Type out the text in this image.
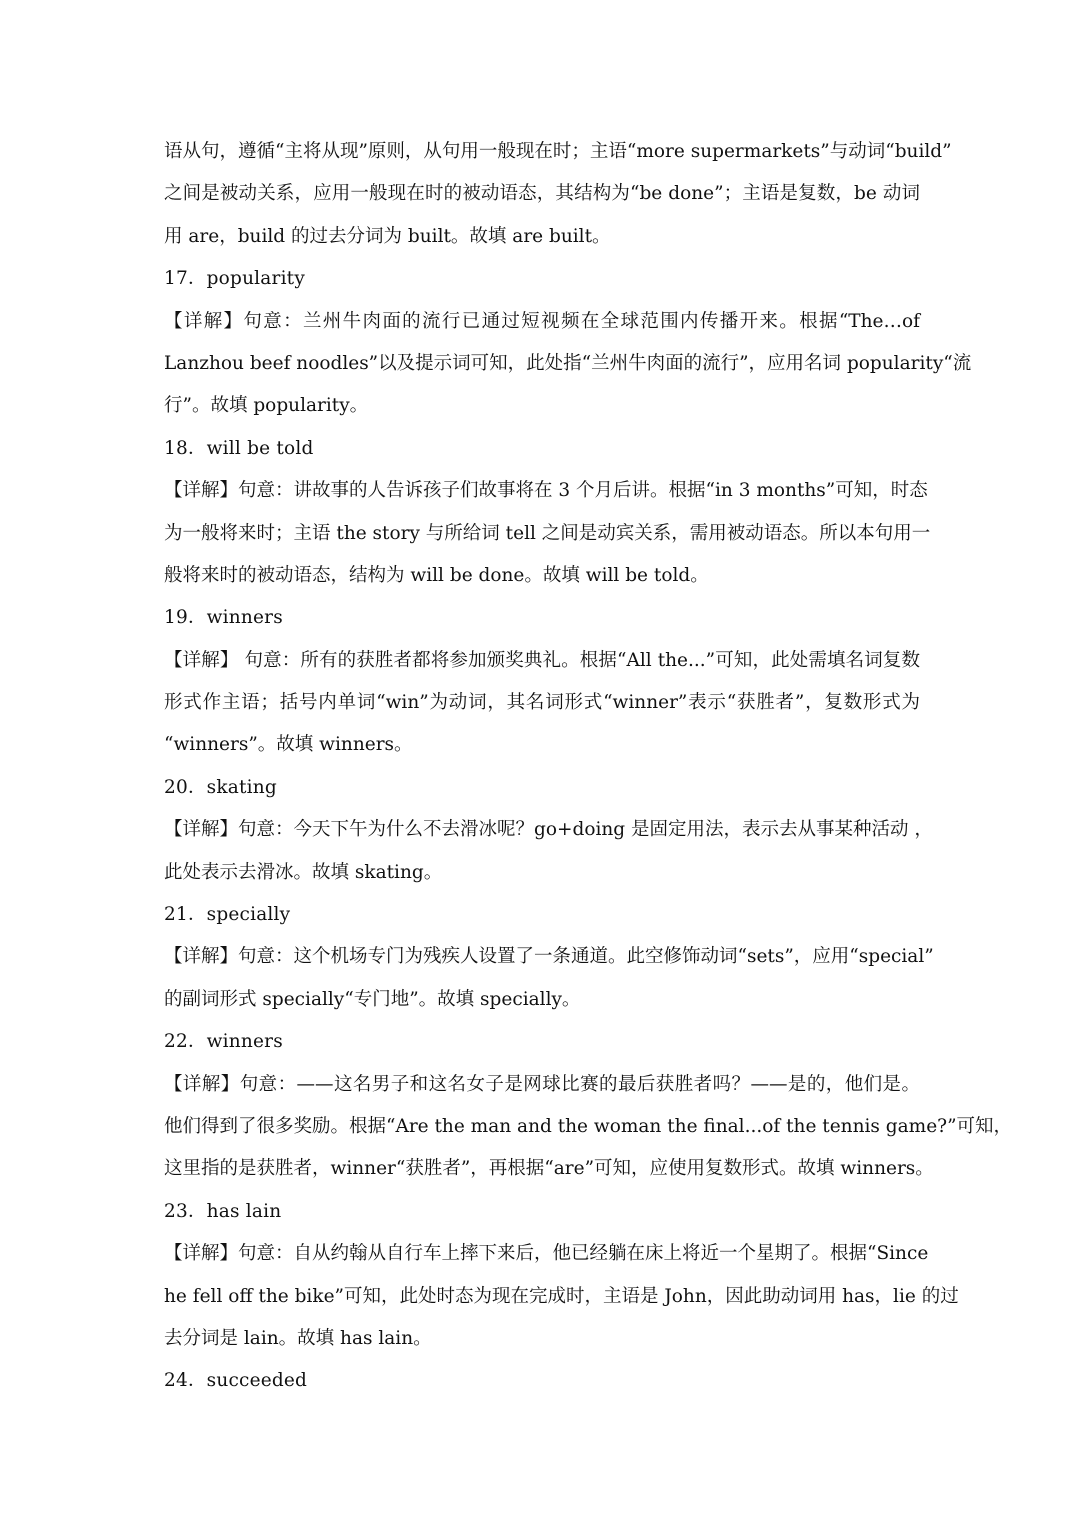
语从句，遵循“主将从现”原则，从句用一般现在时；主语“more supermarkets”与动词“build”
之间是被动关系，应用一般现在时的被动语态，其结构为“be done”；主语是复数，be 动词
用 are，build 的过去分词为 built。故填 are built。
17．popularity
【详解】句意：兰州牛肉面的流行已通过短视频在全球范围内传播开来。根据“The…of
Lanzhou beef noodles”以及提示词可知，此处指“兰州牛肉面的流行”，应用名词 popularity“流
行”。故填 popularity。
18．will be told
【详解】句意：讲故事的人告诉孩子们故事将在 3 个月后讲。根据“in 3 months”可知，时态
为一般将来时；主语 the story 与所给词 tell 之间是动宾关系，需用被动语态。所以本句用一
般将来时的被动语态，结构为 will be done。故填 will be told。
19．winners
【详解】 句意：所有的获胜者都将参加颁奖典礼。根据“All the...”可知，此处需填名词复数
形式作主语；括号内单词“win”为动词，其名词形式“winner”表示“获胜者”，复数形式为
“winners”。故填 winners。
20．skating
【详解】句意：今天下午为什么不去滑冰呢？go+doing 是固定用法，表示去从事某种活动 ，
此处表示去滑冰。故填 skating。
21．specially
【详解】句意：这个机场专门为残疾人设置了一条通道。此空修饰动词“sets”，应用“special”
的副词形式 specially“专门地”。故填 specially。
22．winners
【详解】句意：——这名男子和这名女子是网球比赛的最后获胜者吗？——是的，他们是。
他们得到了很多奖励。根据“Are the man and the woman the final...of the tennis game?”可知，
这里指的是获胜者，winner“获胜者”，再根据“are”可知，应使用复数形式。故填 winners。
23．has lain
【详解】句意：自从约翰从自行车上摔下来后，他已经躺在床上将近一个星期了。根据“Since
he fell off the bike”可知，此处时态为现在完成时，主语是 John，因此助动词用 has，lie 的过
去分词是 lain。故填 has lain。
24．succeeded
